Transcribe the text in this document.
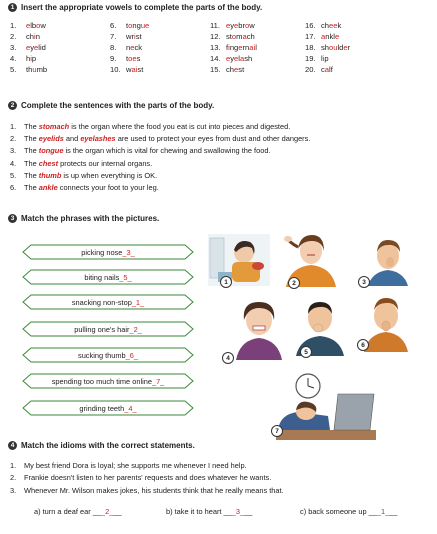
1 Insert the appropriate vowels to complete the parts of the body.
1. elbow	6. tongue	11. eyebrow	16. cheek
2. chin	7. wrist	12. stomach	17. ankle
3. eyelid	8. neck	13. fingernail	18. shoulder
4. hip	9. toes	14. eyelash	19. lip
5. thumb	10. waist	15. chest	20. calf
2 Complete the sentences with the parts of the body.
1. The stomach is the organ where the food you eat is cut into pieces and digested.
2. The eyelids and eyelashes are used to protect your eyes from dust and other dangers.
3. The tongue is the organ which is vital for chewing and swallowing the food.
4. The chest protects our internal organs.
5. The thumb is up when everything is OK.
6. The ankle connects your foot to your leg.
3 Match the phrases with the pictures.
picking nose _3_
biting nails _5_
snacking non-stop _1_
pulling one's hair _2_
sucking thumb _6_
spending too much time online _7_
grinding teeth _4_
1	2	3
4
5
6
7
4 Match the idioms with the correct statements.
1. My best friend Dora is loyal; she supports me whenever I need help.
2. Frankie doesn't listen to her parents' requests and does whatever he wants.
3. Whenever Mr. Wilson makes jokes, his students think that he really means that.
a) turn a deaf ear ___2___	b) take it to heart ___3___	c) back someone up ___1___
